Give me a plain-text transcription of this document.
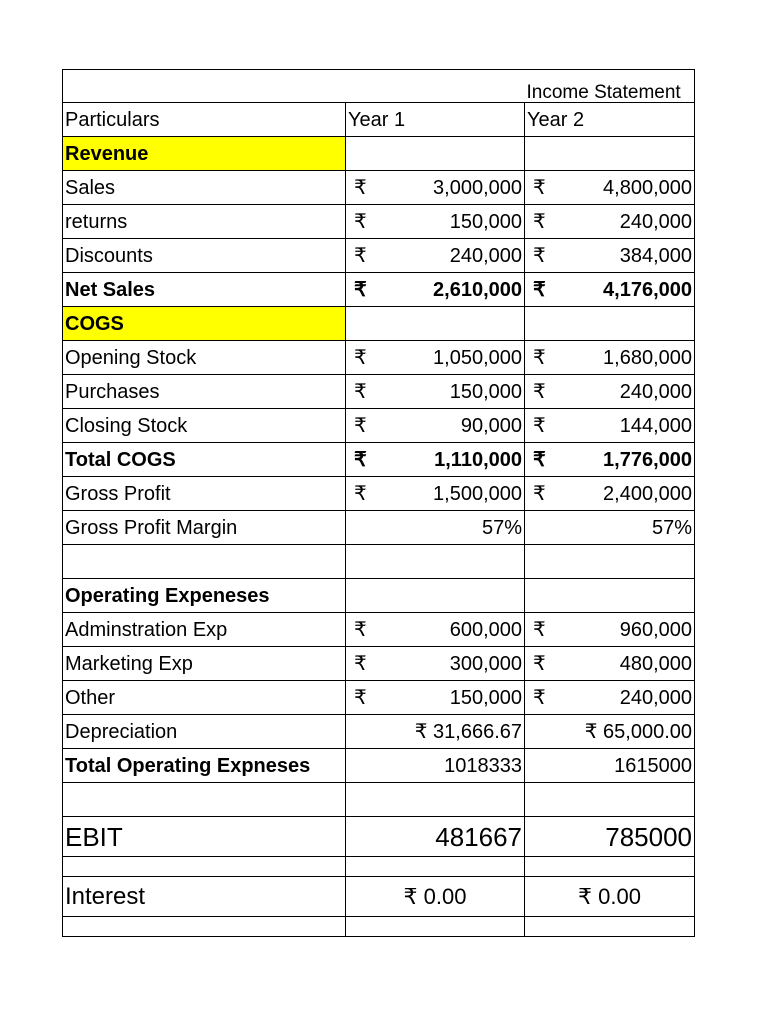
		Income Statement
Particulars	Year 1	Year 2
Revenue		
Sales	₹ 3,000,000	₹ 4,800,000
returns	₹ 150,000	₹ 240,000
Discounts	₹ 240,000	₹ 384,000
Net Sales	₹ 2,610,000	₹ 4,176,000
COGS		
Opening Stock	₹ 1,050,000	₹ 1,680,000
Purchases	₹ 150,000	₹ 240,000
Closing Stock	₹ 90,000	₹ 144,000
Total COGS	₹ 1,110,000	₹ 1,776,000
Gross Profit	₹ 1,500,000	₹ 2,400,000
Gross Profit Margin	57%	57%

Operating Expeneses		
Adminstration Exp	₹ 600,000	₹ 960,000
Marketing Exp	₹ 300,000	₹ 480,000
Other	₹ 150,000	₹ 240,000
Depreciation	₹ 31,666.67	₹ 65,000.00
Total Operating Expneses	1018333	1615000

EBIT	481667	785000

Interest	₹ 0.00	₹ 0.00
